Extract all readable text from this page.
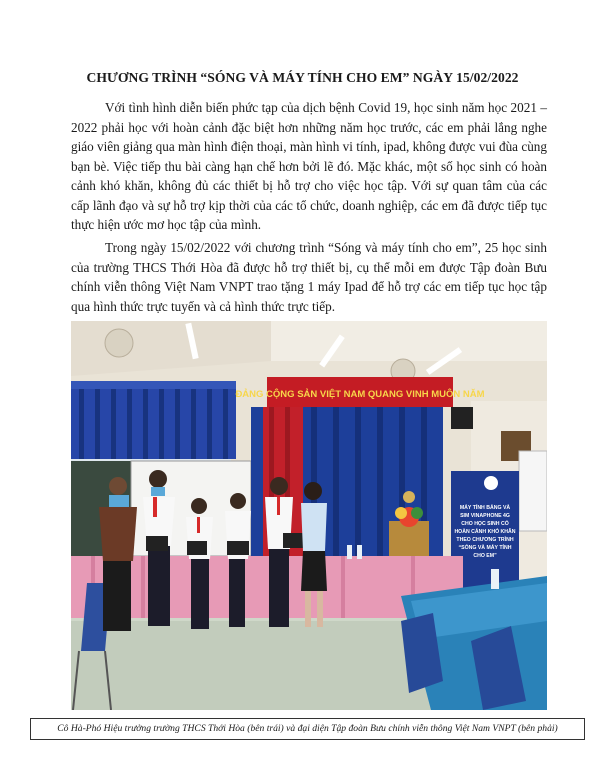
CHƯƠNG TRÌNH “SÓNG VÀ MÁY TÍNH CHO EM” NGÀY 15/02/2022

Với tình hình diễn biến phức tạp của dịch bệnh Covid 19, học sinh năm học 2021 – 2022 phải học với hoàn cảnh đặc biệt hơn những năm học trước, các em phải lắng nghe giáo viên giảng qua màn hình điện thoại, màn hình vi tính, ipad, không được vui đùa cùng bạn bè. Việc tiếp thu bài càng hạn chế hơn bởi lẽ đó. Mặc khác, một số học sinh có hoàn cảnh khó khăn, không đủ các thiết bị hỗ trợ cho việc học tập. Với sự quan tâm của các cấp lãnh đạo và sự hỗ trợ kịp thời của các tổ chức, doanh nghiệp, các em đã được tiếp tục thực hiện ước mơ học tập của mình.

Trong ngày 15/02/2022 với chương trình “Sóng và máy tính cho em”, 25 học sinh của trường THCS Thới Hòa đã được hỗ trợ thiết bị, cụ thể mỗi em được Tập đoàn Bưu chính viễn thông Việt Nam VNPT trao tặng 1 máy Ipad để hỗ trợ các em tiếp tục học tập qua hình thức trực tuyến và cả hình thức trực tiếp.

ĐẢNG CỘNG SẢN VIỆT NAM QUANG VINH MUÔN NĂM
MÁY TÍNH BẢNG VÀ
SIM VINAPHONE 4G
CHO HỌC SINH CÓ
HOÀN CẢNH KHÓ KHĂN
THEO CHƯƠNG TRÌNH
“SÓNG VÀ MÁY TÍNH
CHO EM”
Cô Hà-Phó Hiệu trưởng trường THCS Thới Hòa (bên trái) và đại diện Tập đoàn Bưu chính viễn thông Việt Nam VNPT (bên phải)
